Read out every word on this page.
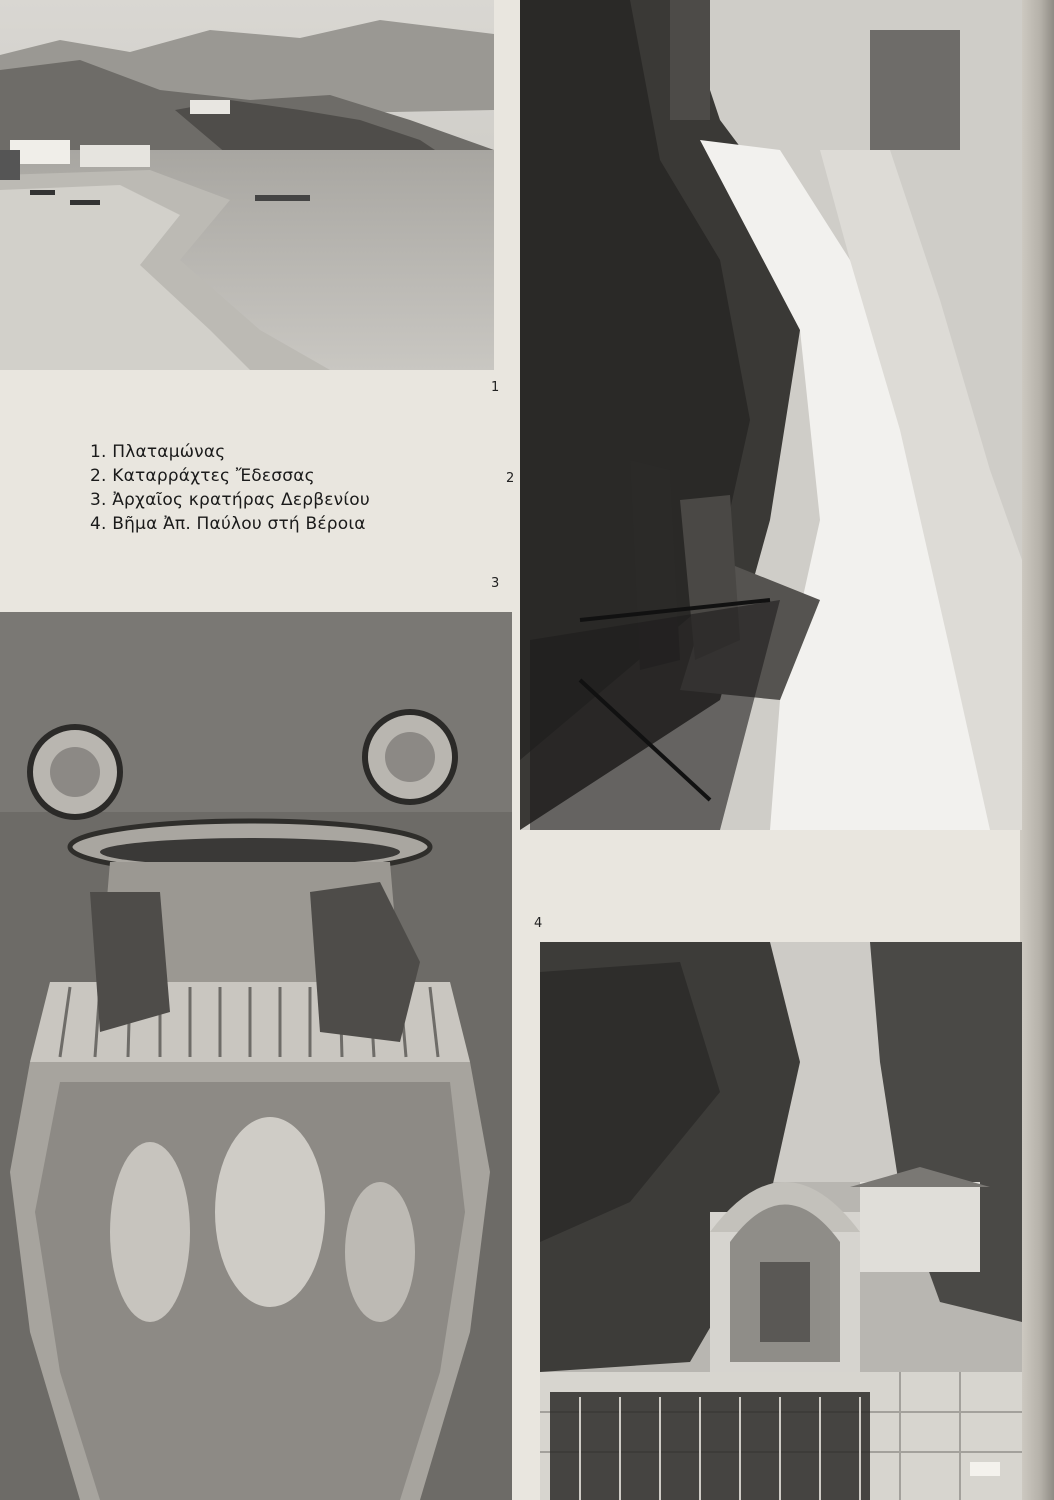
1. Πλαταμώνας
2. Καταρράχτες Ἔδεσσας
3. Ἀρχαῖος κρατήρας Δερβενίου
4. Βῆμα Ἀπ. Παύλου στή Βέροια
1
2
3
4
